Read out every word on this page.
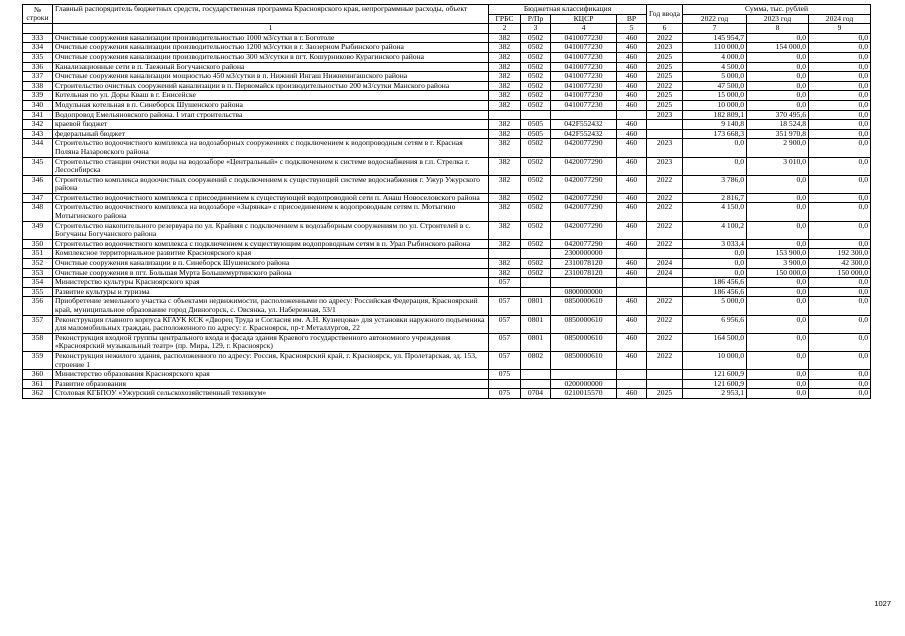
№ строки	Главный распорядитель бюджетных средств, государственная программа Красноярского края, непрограммные расходы, объект	Бюджетная классификация				Год ввода	Сумма, тыс. рублей		
		ГРБС	Р/Пр	КЦСР	ВР		2022 год	2023 год	2024 год
	1	2	3	4	5	6	7	8	9
333	Очистные сооружения канализации производительностью 1000 м3/сутки в г. Боготоле	382	0502	0410077230	460	2022	145 954,7	0,0	0,0
334	Очистные сооружения канализации производительностью 1200 м3/сутки в г. Заозерном Рыбинского района	382	0502	0410077230	460	2023	110 000,0	154 000,0	0,0
335	Очистные сооружения канализации производительностью 300 м3/сутки в пгт. Кошурниково Курагинского района	382	0502	0410077230	460	2025	4 000,0	0,0	0,0
336	Канализационные сети в п. Таежный Богучанского района	382	0502	0410077230	460	2025	4 500,0	0,0	0,0
337	Очистные сооружения канализации мощностью 450 м3/сутки в п. Нижний Ингаш Нижнеингашского района	382	0502	0410077230	460	2025	5 000,0	0,0	0,0
338	Строительство очистных сооружений канализации в п. Первомайск производительностью 200 м3/сутки Манского района	382	0502	0410077230	460	2022	47 500,0	0,0	0,0
339	Котельная по ул. Доры Кваш в г. Енисейске	382	0502	0410077230	460	2025	15 000,0	0,0	0,0
340	Модульная котельная в п. Синеборск Шушенского района	382	0502	0410077230	460	2025	10 000,0	0,0	0,0
341	Водопровод Емельяновского района. I этап строительства					2023	182 809,1	370 495,6	0,0
342	краевой бюджет	382	0505	042F552432	460		9 140,8	18 524,8	0,0
343	федеральный бюджет	382	0505	042F552432	460		173 668,3	351 970,8	0,0
344	Строительство водоочистного комплекса на водозаборных сооружениях с подключением к водопроводным сетям в г. Красная Поляна Назаровского района	382	0502	0420077290	460	2023	0,0	2 900,0	0,0
345	Строительство станции очистки воды на водозаборе «Центральный» с подключением к системе водоснабжения в г.п. Стрелка г. Лесосибирска	382	0502	0420077290	460	2023	0,0	3 010,0	0,0
346	Строительство комплекса водоочистных сооружений с подключением к существующей системе водоснабжения г. Ужур Ужурского района	382	0502	0420077290	460	2022	3 786,0	0,0	0,0
347	Строительство водоочистного комплекса с присоединением к существующей водопроводной сети п. Анаш Новоселовского района	382	0502	0420077290	460	2022	2 816,7	0,0	0,0
348	Строительство водоочистного комплекса на водозаборе «Зырянка» с присоединением к водопроводным сетям п. Мотыгино Мотыгинского района	382	0502	0420077290	460	2022	4 150,0	0,0	0,0
349	Строительство накопительного резервуара по ул. Крайняя с подключением к водозаборным сооружениям по ул. Строителей в с. Богучаны Богучанского района	382	0502	0420077290	460	2022	4 100,2	0,0	0,0
350	Строительство водоочистного комплекса с подключением к существующим водопроводным сетям в п. Урал Рыбинского района	382	0502	0420077290	460	2022	3 033,4	0,0	0,0
351	Комплексное территориальное развитие Красноярского края			2300000000			0,0	153 900,0	192 300,0
352	Очистные сооружения канализации в п. Синеборск Шушенского района	382	0502	2310078120	460	2024	0,0	3 900,0	42 300,0
353	Очистные сооружения в пгт. Большая Мурта Большемуртинского района	382	0502	2310078120	460	2024	0,0	150 000,0	150 000,0
354	Министерство культуры Красноярского края	057					186 456,6	0,0	0,0
355	Развитие культуры и туризма			0800000000			186 456,6	0,0	0,0
356	Приобретение земельного участка с объектами недвижимости, расположенными по адресу: Российская Федерация, Красноярский край, муниципальное образование город Дивногорск, с. Овсянка, ул. Набережная, 53/1	057	0801	0850000610	460	2022	5 000,0	0,0	0,0
357	Реконструкция главного корпуса КГАУК КСК «Дворец Труда и Согласия им. А.Н. Кузнецова» для установки наружного подъемника для маломобильных граждан, расположенного по адресу: г. Красноярск, пр-т Металлургов, 22	057	0801	0850000610	460	2022	6 956,6	0,0	0,0
358	Реконструкция входной группы центрального входа и фасада здания Краевого государственного автономного учреждения «Красноярский музыкальный театр» (пр. Мира, 129, г. Красноярск)	057	0801	0850000610	460	2022	164 500,0	0,0	0,0
359	Реконструкция нежилого здания, расположенного по адресу: Россия, Красноярский край, г. Красноярск, ул. Пролетарская, зд. 153, строение 1	057	0802	0850000610	460	2022	10 000,0	0,0	0,0
360	Министерство образования Красноярского края	075					121 600,9	0,0	0,0
361	Развитие образования			0200000000			121 600,9	0,0	0,0
362	Столовая КГБПОУ «Ужурский сельскохозяйственный техникум»	075	0704	0210015570	460	2025	2 953,1	0,0	0,0
1027
